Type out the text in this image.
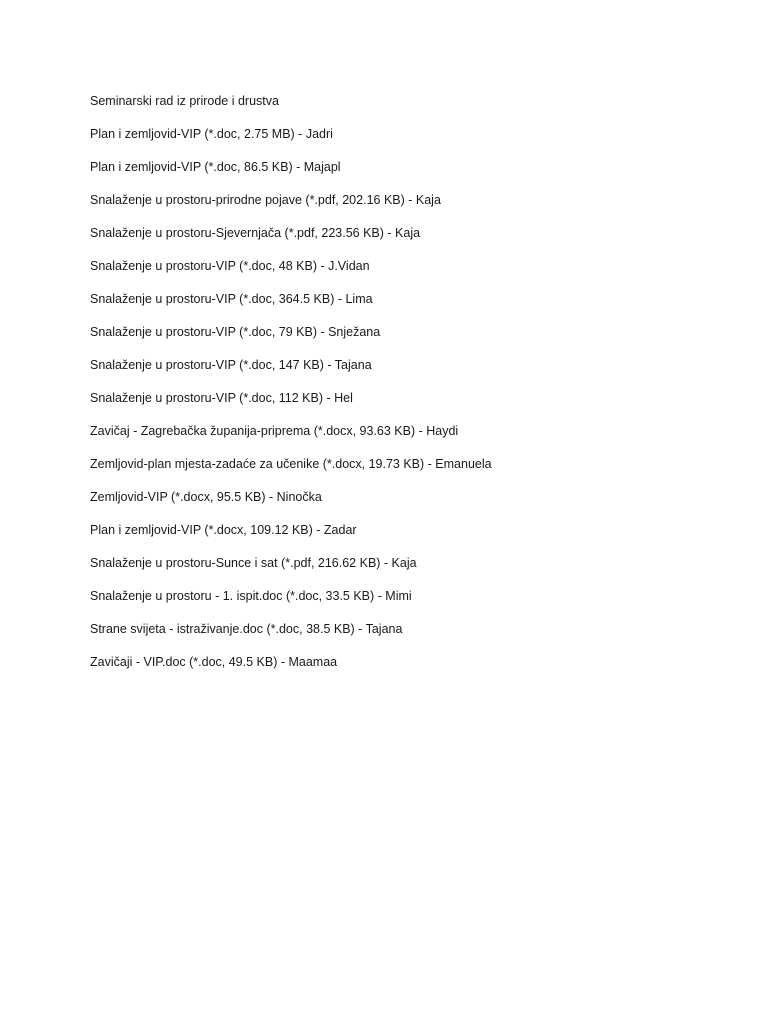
Seminarski rad iz prirode i drustva
Plan i zemljovid-VIP (*.doc, 2.75 MB) - Jadri
Plan i zemljovid-VIP (*.doc, 86.5 KB) - Majapl
Snalaženje u prostoru-prirodne pojave (*.pdf, 202.16 KB) - Kaja
Snalaženje u prostoru-Sjevernjača (*.pdf, 223.56 KB) - Kaja
Snalaženje u prostoru-VIP (*.doc, 48 KB) - J.Vidan
Snalaženje u prostoru-VIP (*.doc, 364.5 KB) - Lima
Snalaženje u prostoru-VIP (*.doc, 79 KB) - Snježana
Snalaženje u prostoru-VIP (*.doc, 147 KB) - Tajana
Snalaženje u prostoru-VIP (*.doc, 112 KB) - Hel
Zavičaj - Zagrebačka županija-priprema (*.docx, 93.63 KB) - Haydi
Zemljovid-plan mjesta-zadaće za učenike (*.docx, 19.73 KB) - Emanuela
Zemljovid-VIP (*.docx, 95.5 KB) - Ninočka
Plan i zemljovid-VIP (*.docx, 109.12 KB) - Zadar
Snalaženje u prostoru-Sunce i sat (*.pdf, 216.62 KB) - Kaja
Snalaženje u prostoru - 1. ispit.doc (*.doc, 33.5 KB) - Mimi
Strane svijeta - istraživanje.doc (*.doc, 38.5 KB) - Tajana
Zavičaji - VIP.doc (*.doc, 49.5 KB) - Maamaa
